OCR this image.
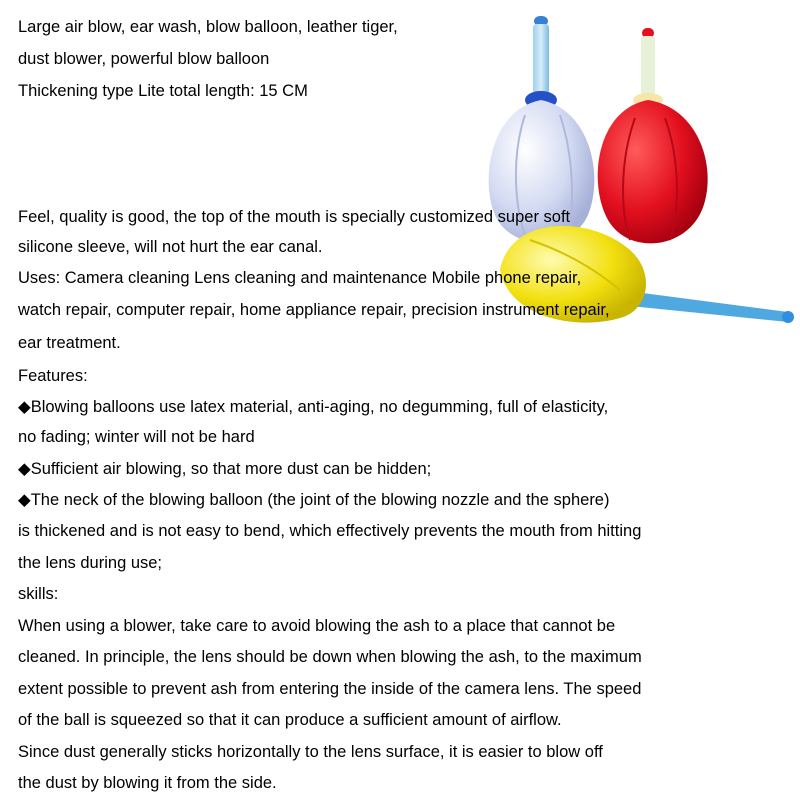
Large air blow, ear wash, blow balloon, leather tiger,
dust blower, powerful blow balloon
Thickening type Lite total length: 15 CM
Feel, quality is good, the top of the mouth is specially customized super soft
silicone sleeve, will not hurt the ear canal.
Uses: Camera cleaning Lens cleaning and maintenance Mobile phone repair,
watch repair, computer repair, home appliance repair, precision instrument repair,
ear treatment.
Features:
◆Blowing balloons use latex material, anti-aging, no degumming, full of elasticity,
no fading; winter will not be hard
◆Sufficient air blowing, so that more dust can be hidden;
◆The neck of the blowing balloon (the joint of the blowing nozzle and the sphere)
is thickened and is not easy to bend, which effectively prevents the mouth from hitting
the lens during use;
skills:
When using a blower, take care to avoid blowing the ash to a place that cannot be
cleaned. In principle, the lens should be down when blowing the ash, to the maximum
extent possible to prevent ash from entering the inside of the camera lens. The speed
of the ball is squeezed so that it can produce a sufficient amount of airflow.
Since dust generally sticks horizontally to the lens surface, it is easier to blow off
the dust by blowing it from the side.
